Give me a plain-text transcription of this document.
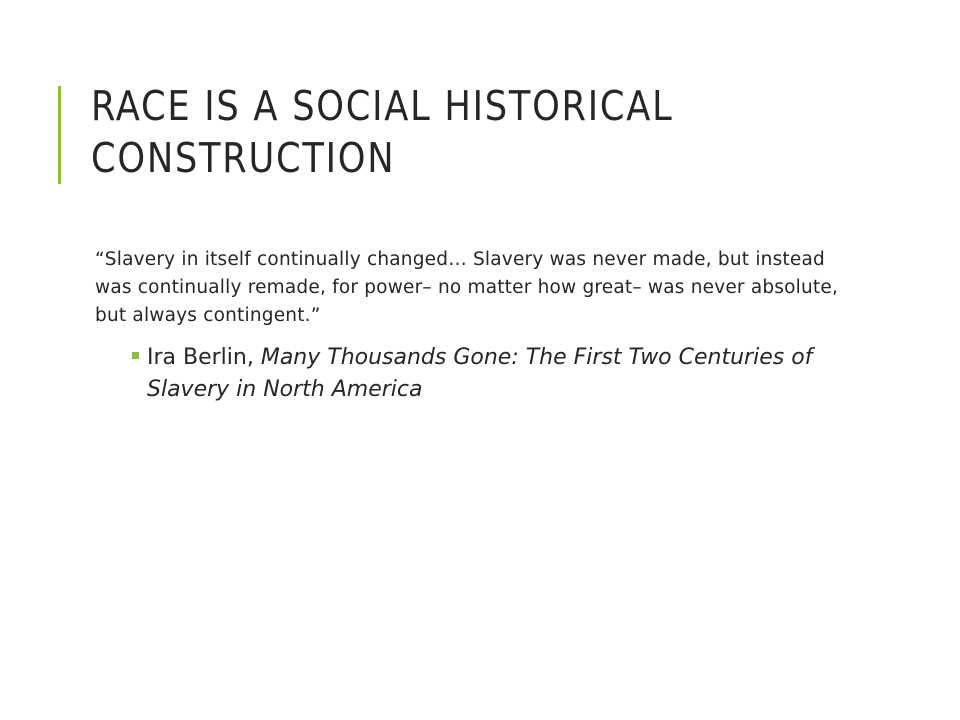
RACE IS A SOCIAL HISTORICAL CONSTRUCTION

“Slavery in itself continually changed… Slavery was never made, but instead was continually remade, for power– no matter how great– was never absolute, but always contingent.”

Ira Berlin, Many Thousands Gone: The First Two Centuries of Slavery in North America
